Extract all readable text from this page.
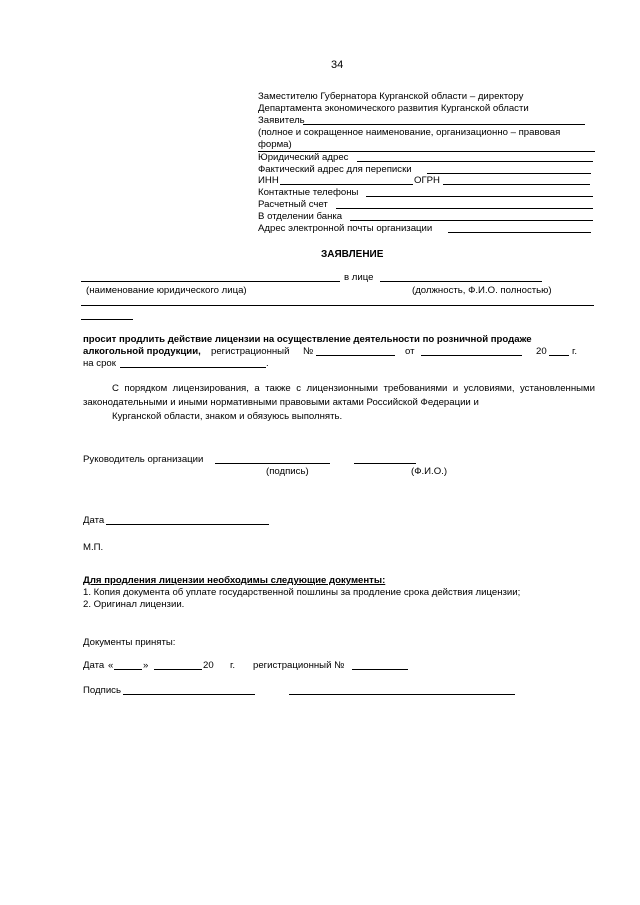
34
Заместителю Губернатора Курганской области – директору
Департамента экономического развития Курганской области
Заявитель
(полное и сокращенное наименование, организационно – правовая
форма)
Юридический адрес
Фактический адрес для переписки
ИНН	ОГРН
Контактные телефоны
Расчетный счет
В отделении банка
Адрес электронной почты организации
ЗАЯВЛЕНИЕ
в лице
(наименование юридического лица)	(должность, Ф.И.О. полностью)
просит продлить действие лицензии на осуществление деятельности по розничной продаже
алкогольной продукции, регистрационный №	от	20	г.
на срок	.

С порядком лицензирования, а также с лицензионными требованиями и условиями, установленными законодательными и иными нормативными правовыми актами Российской Федерации и
Курганской области, знаком и обязуюсь выполнять.

Руководитель организации
(подпись)	(Ф.И.О.)
Дата
М.П.
Для продления лицензии необходимы следующие документы:
1. Копия документа об уплате государственной пошлины за продление срока действия лицензии;
2. Оригинал лицензии.
Документы приняты:
Дата «	»	20 г. регистрационный №
Подпись
